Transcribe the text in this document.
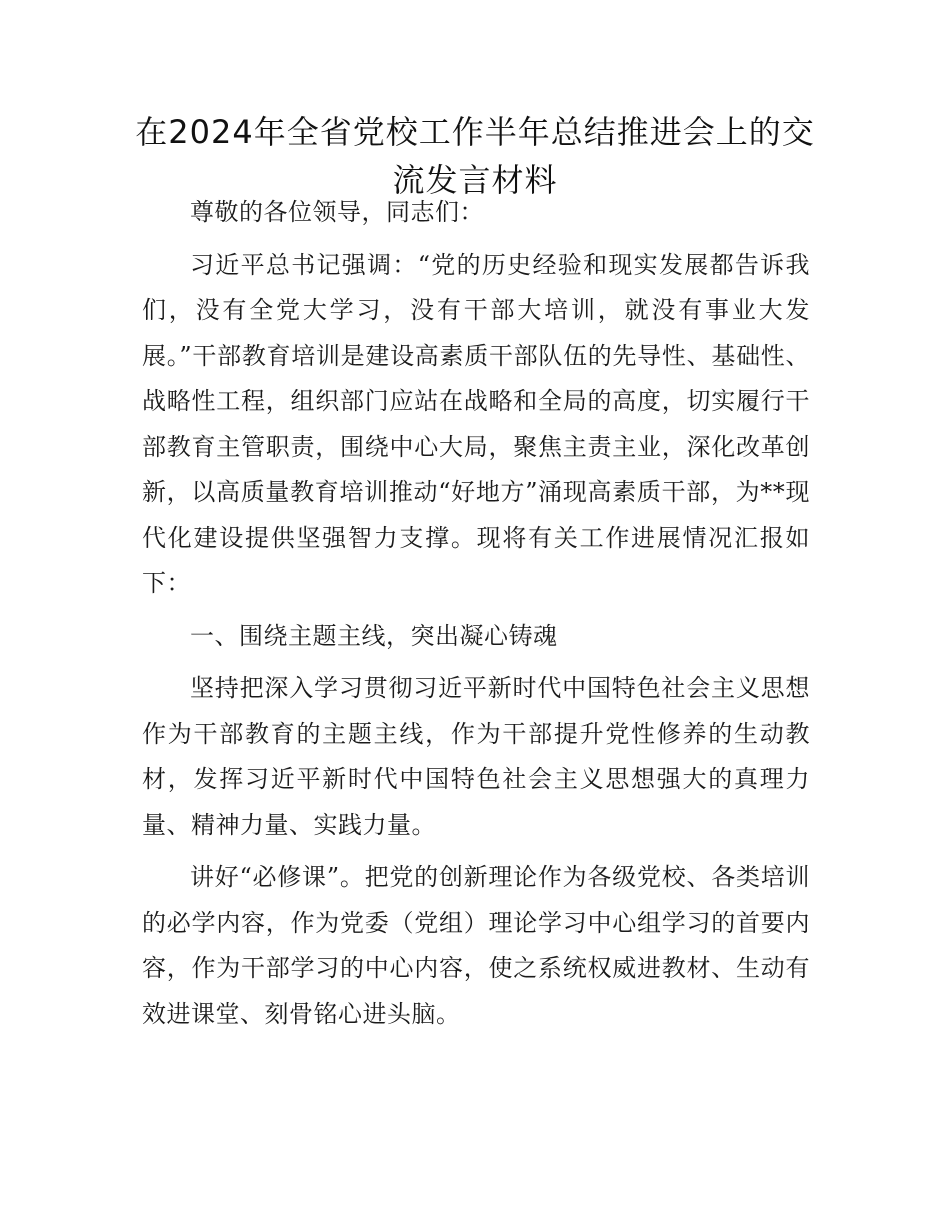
在2024年全省党校工作半年总结推进会上的交流发言材料

尊敬的各位领导，同志们：

习近平总书记强调：“党的历史经验和现实发展都告诉我们，没有全党大学习，没有干部大培训，就没有事业大发展。”干部教育培训是建设高素质干部队伍的先导性、基础性、战略性工程，组织部门应站在战略和全局的高度，切实履行干部教育主管职责，围绕中心大局，聚焦主责主业，深化改革创新，以高质量教育培训推动“好地方”涌现高素质干部，为**现代化建设提供坚强智力支撑。现将有关工作进展情况汇报如下：

一、围绕主题主线，突出凝心铸魂

坚持把深入学习贯彻习近平新时代中国特色社会主义思想作为干部教育的主题主线，作为干部提升党性修养的生动教材，发挥习近平新时代中国特色社会主义思想强大的真理力量、精神力量、实践力量。

讲好“必修课”。把党的创新理论作为各级党校、各类培训的必学内容，作为党委（党组）理论学习中心组学习的首要内容，作为干部学习的中心内容，使之系统权威进教材、生动有效进课堂、刻骨铭心进头脑。
